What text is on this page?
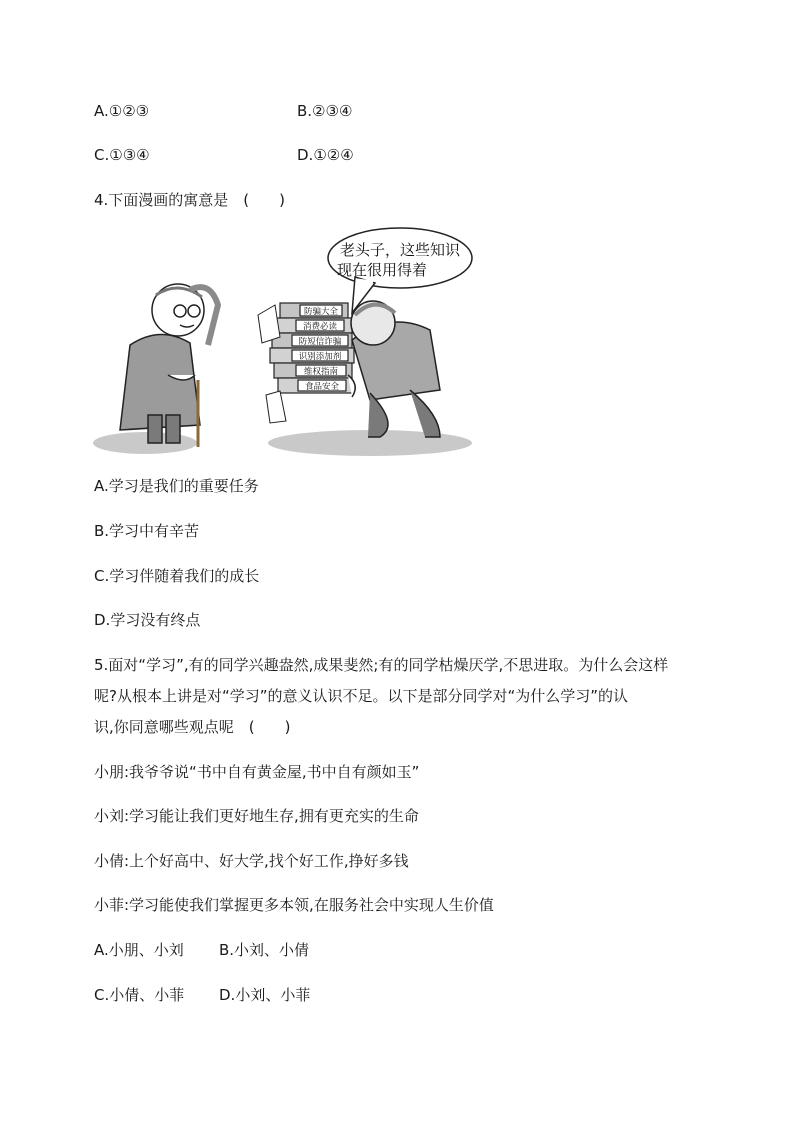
A.①②③	B.②③④
C.①③④	D.①②④
4.下面漫画的寓意是　(　　)
老头子，这些知识
现在很用得着
防骗大全
消费必读
防短信诈骗
识别添加剂
维权指南
食品安全
A.学习是我们的重要任务
B.学习中有辛苦
C.学习伴随着我们的成长
D.学习没有终点
5.面对“学习”,有的同学兴趣盎然,成果斐然;有的同学枯燥厌学,不思进取。为什么会这样
呢?从根本上讲是对“学习”的意义认识不足。以下是部分同学对“为什么学习”的认
识,你同意哪些观点呢　(　　)
小朋:我爷爷说“书中自有黄金屋,书中自有颜如玉”
小刘:学习能让我们更好地生存,拥有更充实的生命
小倩:上个好高中、好大学,找个好工作,挣好多钱
小菲:学习能使我们掌握更多本领,在服务社会中实现人生价值
A.小朋、小刘 B.小刘、小倩
C.小倩、小菲 D.小刘、小菲
